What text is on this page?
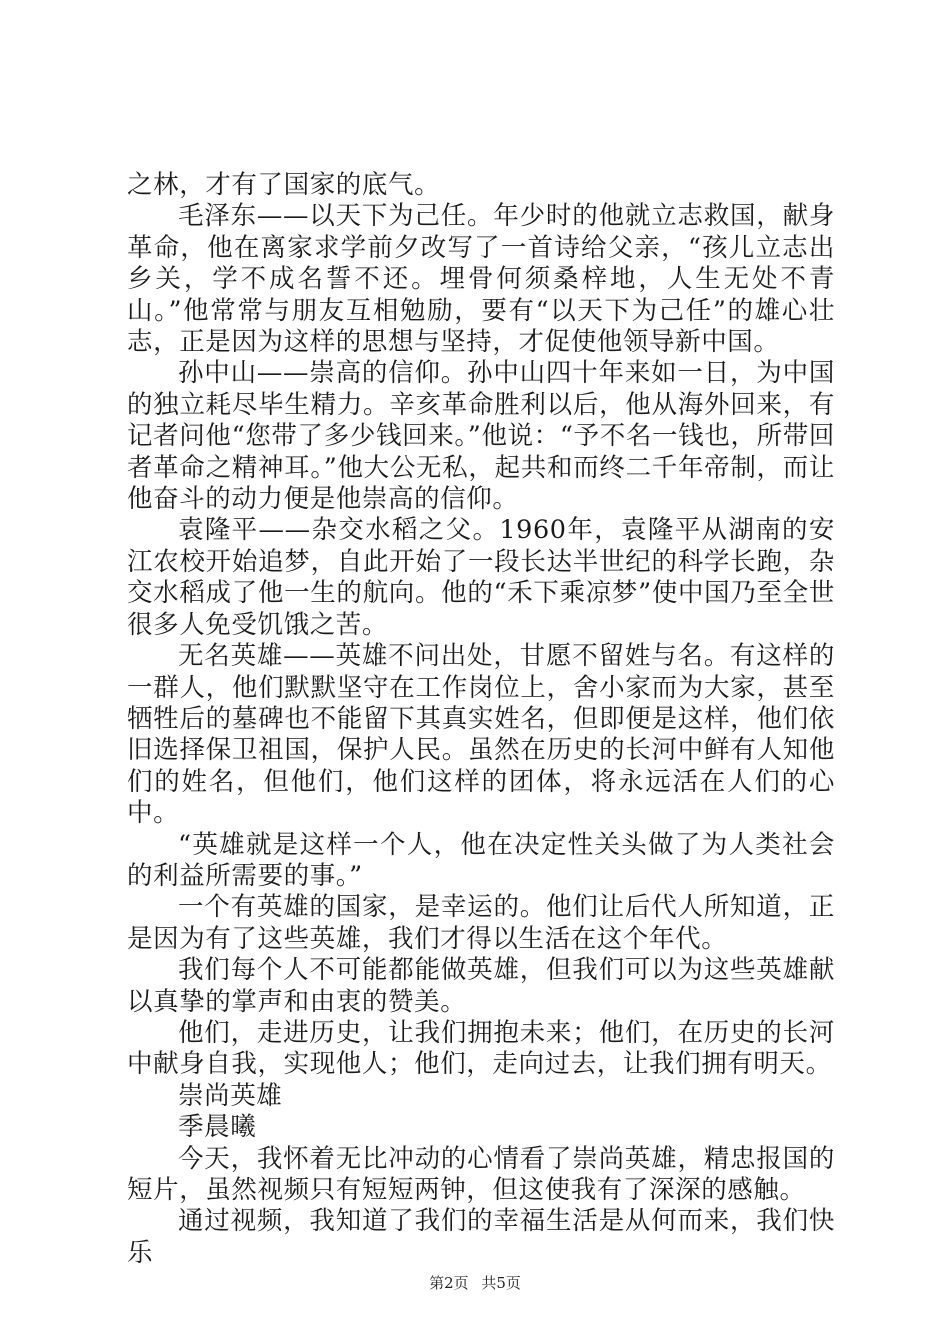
之林，才有了国家的底气。

毛泽东——以天下为己任。年少时的他就立志救国，献身革命，他在离家求学前夕改写了一首诗给父亲，“孩儿立志出乡关，学不成名誓不还。埋骨何须桑梓地，人生无处不青山。”他常常与朋友互相勉励，要有“以天下为己任”的雄心壮志，正是因为这样的思想与坚持，才促使他领导新中国。

孙中山——崇高的信仰。孙中山四十年来如一日，为中国的独立耗尽毕生精力。辛亥革命胜利以后，他从海外回来，有记者问他“您带了多少钱回来。”他说：“予不名一钱也，所带回者革命之精神耳。”他大公无私，起共和而终二千年帝制，而让他奋斗的动力便是他崇高的信仰。

袁隆平——杂交水稻之父。1960年，袁隆平从湖南的安江农校开始追梦，自此开始了一段长达半世纪的科学长跑，杂交水稻成了他一生的航向。他的“禾下乘凉梦”使中国乃至全世很多人免受饥饿之苦。

无名英雄——英雄不问出处，甘愿不留姓与名。有这样的一群人，他们默默坚守在工作岗位上，舍小家而为大家，甚至牺牲后的墓碑也不能留下其真实姓名，但即便是这样，他们依旧选择保卫祖国，保护人民。虽然在历史的长河中鲜有人知他们的姓名，但他们，他们这样的团体，将永远活在人们的心中。

“英雄就是这样一个人，他在决定性关头做了为人类社会的利益所需要的事。”

一个有英雄的国家，是幸运的。他们让后代人所知道，正是因为有了这些英雄，我们才得以生活在这个年代。

我们每个人不可能都能做英雄，但我们可以为这些英雄献以真挚的掌声和由衷的赞美。

他们，走进历史，让我们拥抱未来；他们，在历史的长河中献身自我，实现他人；他们，走向过去，让我们拥有明天。

崇尚英雄

季晨曦

今天，我怀着无比冲动的心情看了崇尚英雄，精忠报国的短片，虽然视频只有短短两钟，但这使我有了深深的感触。

通过视频，我知道了我们的幸福生活是从何而来，我们快乐

第2页 共5页
